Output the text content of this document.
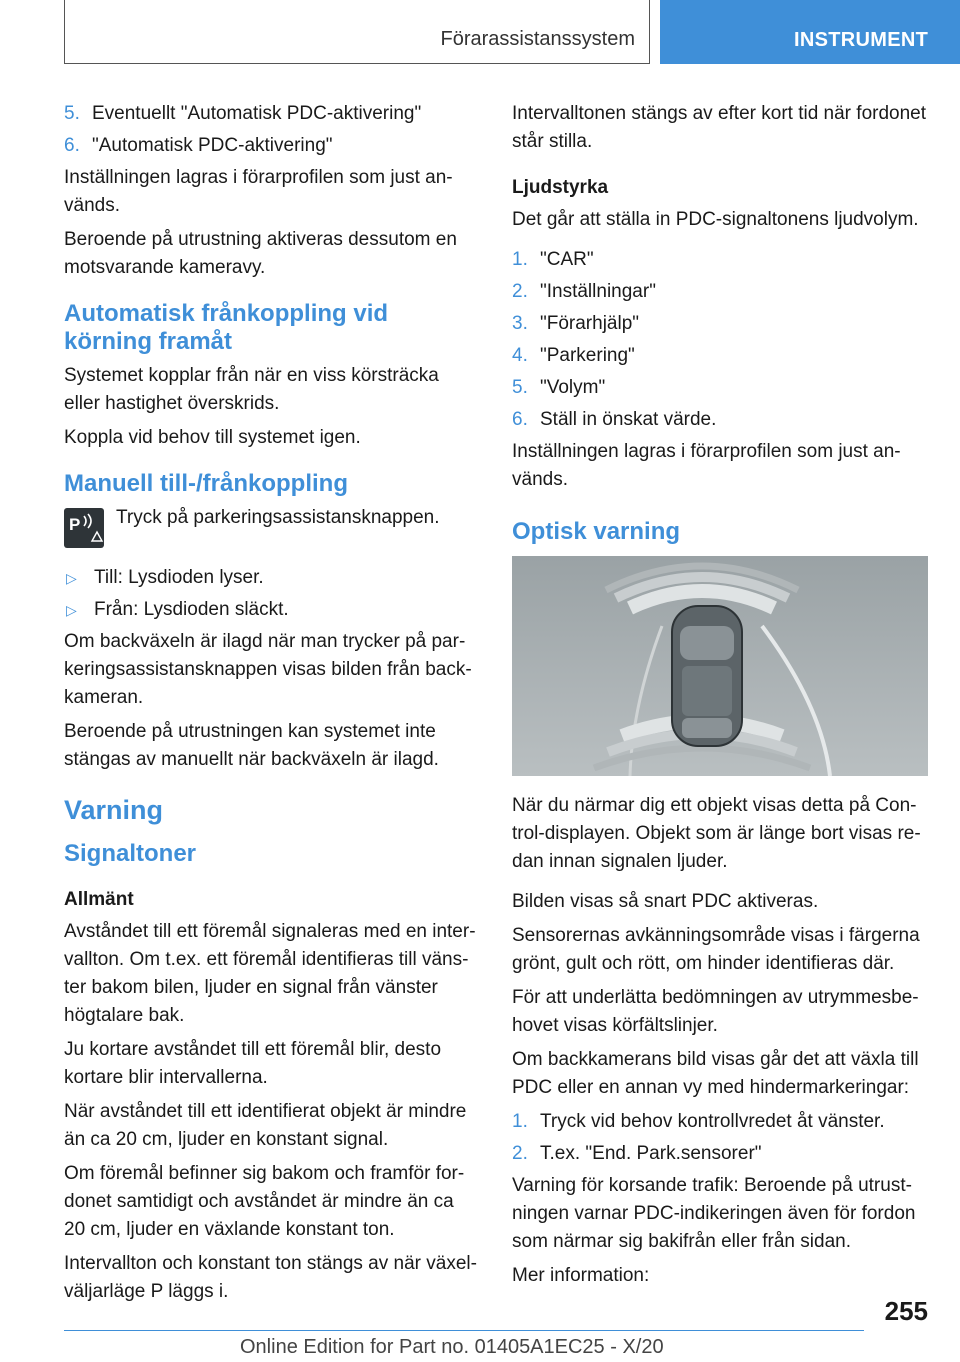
Förarassistanssystem	INSTRUMENT
5. Eventuellt "Automatisk PDC-aktivering"
6. "Automatisk PDC-aktivering"

Inställningen lagras i förarprofilen som just an-vänds.

Beroende på utrustning aktiveras dessutom en motsvarande kameravy.

Automatisk frånkoppling vid körning framåt

Systemet kopplar från när en viss körsträcka eller hastighet överskrids.

Koppla vid behov till systemet igen.

Manuell till-/frånkoppling
P Tryck på parkeringsassistansknappen.
▷ Till: Lysdioden lyser.
▷ Från: Lysdioden släckt.

Om backväxeln är ilagd när man trycker på par-keringsassistansknappen visas bilden från back-kameran.

Beroende på utrustningen kan systemet inte stängas av manuellt när backväxeln är ilagd.

Varning
Signaltoner
Allmänt

Avståndet till ett föremål signaleras med en inter-vallton. Om t.ex. ett föremål identifieras till väns-ter bakom bilen, ljuder en signal från vänster högtalare bak.

Ju kortare avståndet till ett föremål blir, desto kortare blir intervallerna.

När avståndet till ett identifierat objekt är mindre än ca 20 cm, ljuder en konstant signal.

Om föremål befinner sig bakom och framför for-donet samtidigt och avståndet är mindre än ca 20 cm, ljuder en växlande konstant ton.

Intervallton och konstant ton stängs av när växel-väljarläge P läggs i.

Intervalltonen stängs av efter kort tid när fordonet står stilla.

Ljudstyrka

Det går att ställa in PDC-signaltonens ljudvolym.

1. "CAR"
2. "Inställningar"
3. "Förarhjälp"
4. "Parkering"
5. "Volym"
6. Ställ in önskat värde.

Inställningen lagras i förarprofilen som just an-vänds.

Optisk varning

När du närmar dig ett objekt visas detta på Con-trol-displayen. Objekt som är länge bort visas re-dan innan signalen ljuder.

Bilden visas så snart PDC aktiveras.

Sensorernas avkänningsområde visas i färgerna grönt, gult och rött, om hinder identifieras där.

För att underlätta bedömningen av utrymmesbe-hovet visas körfältslinjer.

Om backkamerans bild visas går det att växla till PDC eller en annan vy med hindermarkeringar:

1. Tryck vid behov kontrollvredet åt vänster.
2. T.ex. "End. Park.sensorer"

Varning för korsande trafik: Beroende på utrust-ningen varnar PDC-indikeringen även för fordon som närmar sig bakifrån eller från sidan.

Mer information:

255
Online Edition for Part no. 01405A1EC25 - X/20
